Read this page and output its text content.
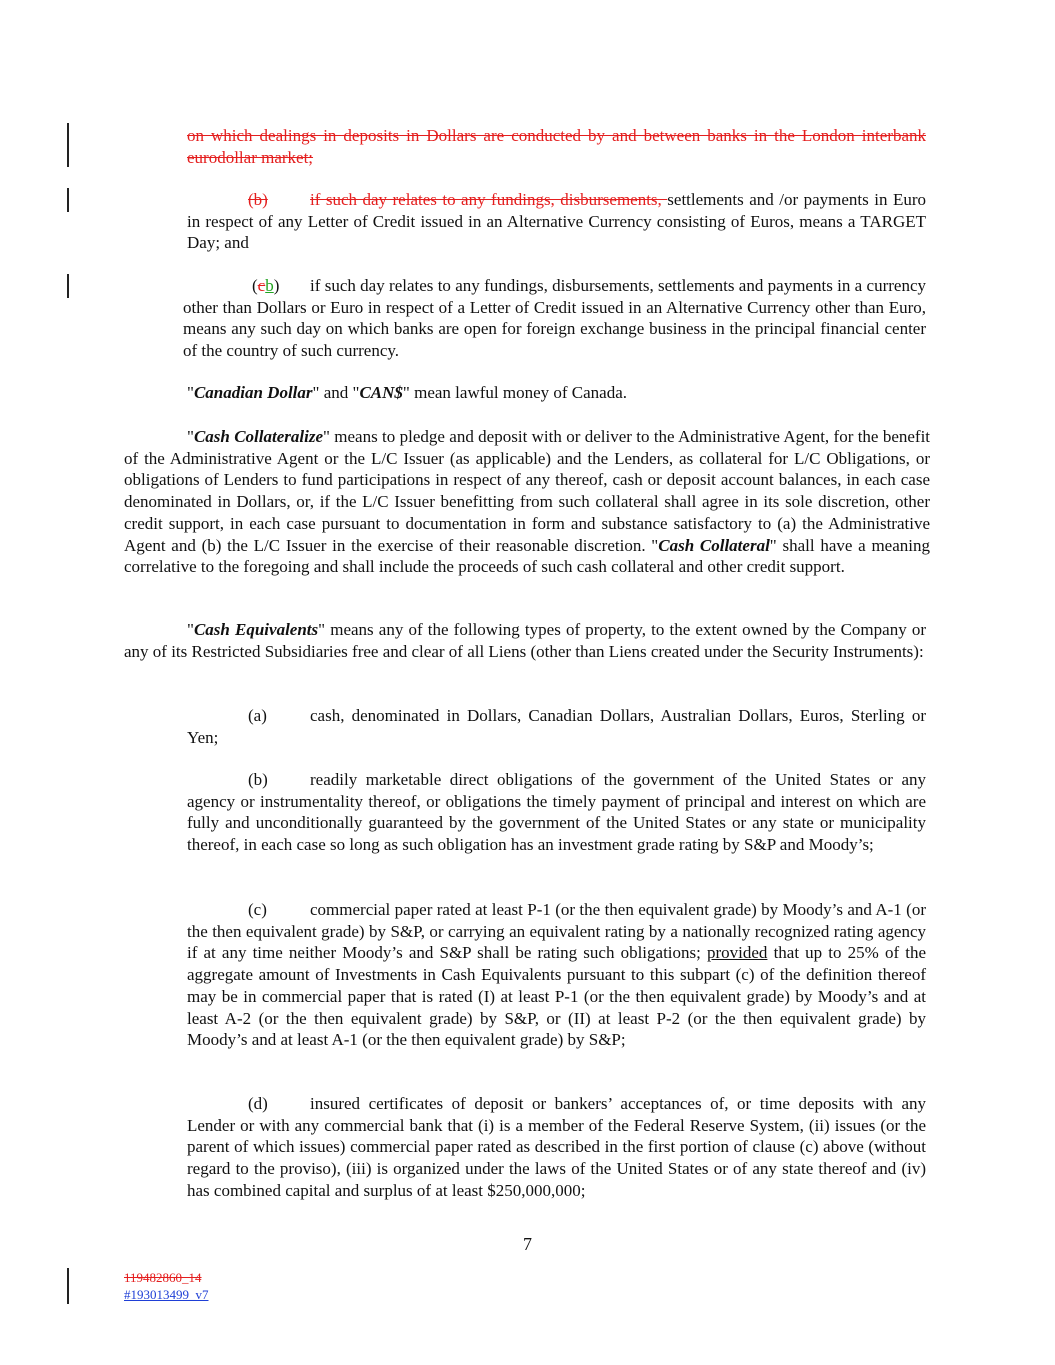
on which dealings in deposits in Dollars are conducted by and between banks in the London interbank eurodollar market;
(b) if such day relates to any fundings, disbursements, settlements and /or payments in Euro in respect of any Letter of Credit issued in an Alternative Currency consisting of Euros, means a TARGET Day; and
(cb) if such day relates to any fundings, disbursements, settlements and payments in a currency other than Dollars or Euro in respect of a Letter of Credit issued in an Alternative Currency other than Euro, means any such day on which banks are open for foreign exchange business in the principal financial center of the country of such currency.
"Canadian Dollar" and "CAN$" mean lawful money of Canada.
"Cash Collateralize" means to pledge and deposit with or deliver to the Administrative Agent, for the benefit of the Administrative Agent or the L/C Issuer (as applicable) and the Lenders, as collateral for L/C Obligations, or obligations of Lenders to fund participations in respect of any thereof, cash or deposit account balances, in each case denominated in Dollars, or, if the L/C Issuer benefitting from such collateral shall agree in its sole discretion, other credit support, in each case pursuant to documentation in form and substance satisfactory to (a) the Administrative Agent and (b) the L/C Issuer in the exercise of their reasonable discretion. "Cash Collateral" shall have a meaning correlative to the foregoing and shall include the proceeds of such cash collateral and other credit support.
"Cash Equivalents" means any of the following types of property, to the extent owned by the Company or any of its Restricted Subsidiaries free and clear of all Liens (other than Liens created under the Security Instruments):
(a)	cash, denominated in Dollars, Canadian Dollars, Australian Dollars, Euros, Sterling or Yen;
(b) readily marketable direct obligations of the government of the United States or any agency or instrumentality thereof, or obligations the timely payment of principal and interest on which are fully and unconditionally guaranteed by the government of the United States or any state or municipality thereof, in each case so long as such obligation has an investment grade rating by S&P and Moody’s;
(c)	commercial paper rated at least P-1 (or the then equivalent grade) by Moody’s and A-1 (or the then equivalent grade) by S&P, or carrying an equivalent rating by a nationally recognized rating agency if at any time neither Moody’s and S&P shall be rating such obligations; provided that up to 25% of the aggregate amount of Investments in Cash Equivalents pursuant to this subpart (c) of the definition thereof may be in commercial paper that is rated (I) at least P-1 (or the then equivalent grade) by Moody’s and at least A-2 (or the then equivalent grade) by S&P, or (II) at least P-2 (or the then equivalent grade) by Moody’s and at least A-1 (or the then equivalent grade) by S&P;
(d) insured certificates of deposit or bankers’ acceptances of, or time deposits with any Lender or with any commercial bank that (i) is a member of the Federal Reserve System, (ii) issues (or the parent of which issues) commercial paper rated as described in the first portion of clause (c) above (without regard to the proviso), (iii) is organized under the laws of the United States or of any state thereof and (iv) has combined capital and surplus of at least $250,000,000;
7
119482860_14
#193013499_v7
